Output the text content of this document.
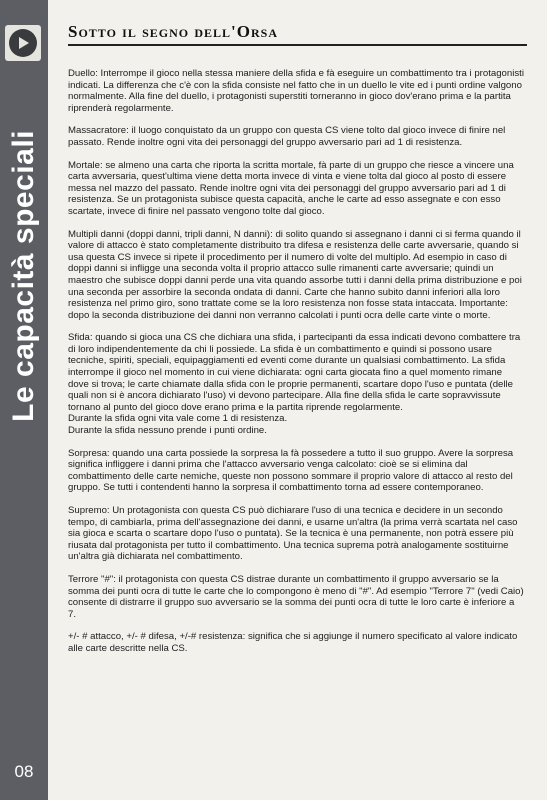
Le capacità speciali
08
Sotto il segno dell'Orsa

Duello: Interrompe il gioco nella stessa maniere della sfida e fà eseguire un combattimento tra i protagonisti indicati. La differenza che c'è con la sfida consiste nel fatto che in un duello le vite ed i punti ordine valgono normalmente. Alla fine del duello, i protagonisti superstiti torneranno in gioco dov'erano prima e la partita riprenderà regolarmente.

Massacratore: il luogo conquistato da un gruppo con questa CS viene tolto dal gioco invece di finire nel passato. Rende inoltre ogni vita dei personaggi del gruppo avversario pari ad 1 di resistenza.

Mortale: se almeno una carta che riporta la scritta mortale, fà parte di un gruppo che riesce a vincere una carta avversaria, quest'ultima viene detta morta invece di vinta e viene tolta dal gioco al posto di essere messa nel mazzo del passato. Rende inoltre ogni vita dei personaggi del gruppo avversario pari ad 1 di resistenza. Se un protagonista subisce questa capacità, anche le carte ad esso assegnate e con esso scartate, invece di finire nel passato vengono tolte dal gioco.

Multipli danni (doppi danni, tripli danni, N danni): di solito quando si assegnano i danni ci si ferma quando il valore di attacco è stato completamente distribuito tra difesa e resistenza delle carte avversarie, quando si usa questa CS invece si ripete il procedimento per il numero di volte del multiplo. Ad esempio in caso di doppi danni si infligge una seconda volta il proprio attacco sulle rimanenti carte avversarie; quindi un maestro che subisce doppi danni perde una vita quando assorbe tutti i danni della prima distribuzione e poi una seconda per assorbire la seconda ondata di danni. Carte che hanno subito danni inferiori alla loro resistenza nel primo giro, sono trattate come se la loro resistenza non fosse stata intaccata. Importante: dopo la seconda distribuzione dei danni non verranno calcolati i punti ocra delle carte vinte o morte.

Sfida: quando si gioca una CS che dichiara una sfida, i partecipanti da essa indicati devono combattere tra di loro indipendentemente da chi li possiede. La sfida è un combattimento e quindi si possono usare tecniche, spiriti, speciali, equipaggiamenti ed eventi come durante un qualsiasi combattimento. La sfida interrompe il gioco nel momento in cui viene dichiarata: ogni carta giocata fino a quel momento rimane dove si trova; le carte chiamate dalla sfida con le proprie permanenti, scartare dopo l'uso e puntata (delle quali non si è ancora dichiarato l'uso) vi devono partecipare. Alla fine della sfida le carte sopravvissute tornano al punto del gioco dove erano prima e la partita riprende regolarmente.

Durante la sfida ogni vita vale come 1 di resistenza.

Durante la sfida nessuno prende i punti ordine.

Sorpresa: quando una carta possiede la sorpresa la fà possedere a tutto il suo gruppo. Avere la sorpresa significa infliggere i danni prima che l'attacco avversario venga calcolato: cioè se si elimina dal combattimento delle carte nemiche, queste non possono sommare il proprio valore di attacco al resto del gruppo. Se tutti i contendenti hanno la sorpresa il combattimento torna ad essere contemporaneo.

Supremo: Un protagonista con questa CS può dichiarare l'uso di una tecnica e decidere in un secondo tempo, di cambiarla, prima dell'assegnazione dei danni, e usarne un'altra (la prima verrà scartata nel caso sia gioca e scarta o scartare dopo l'uso o puntata). Se la tecnica è una permanente, non potrà essere più riusata dal protagonista per tutto il combattimento. Una tecnica suprema potrà analogamente sostituirne un'altra già dichiarata nel combattimento.

Terrore "#": il protagonista con questa CS distrae durante un combattimento il gruppo avversario se la somma dei punti ocra di tutte le carte che lo compongono è meno di "#". Ad esempio "Terrore 7" (vedi Caio) consente di distrarre il gruppo suo avversario se la somma dei punti ocra di tutte le loro carte è inferiore a 7.

+/- # attacco, +/- # difesa, +/-# resistenza: significa che si aggiunge il numero specificato al valore indicato alle carte descritte nella CS.
